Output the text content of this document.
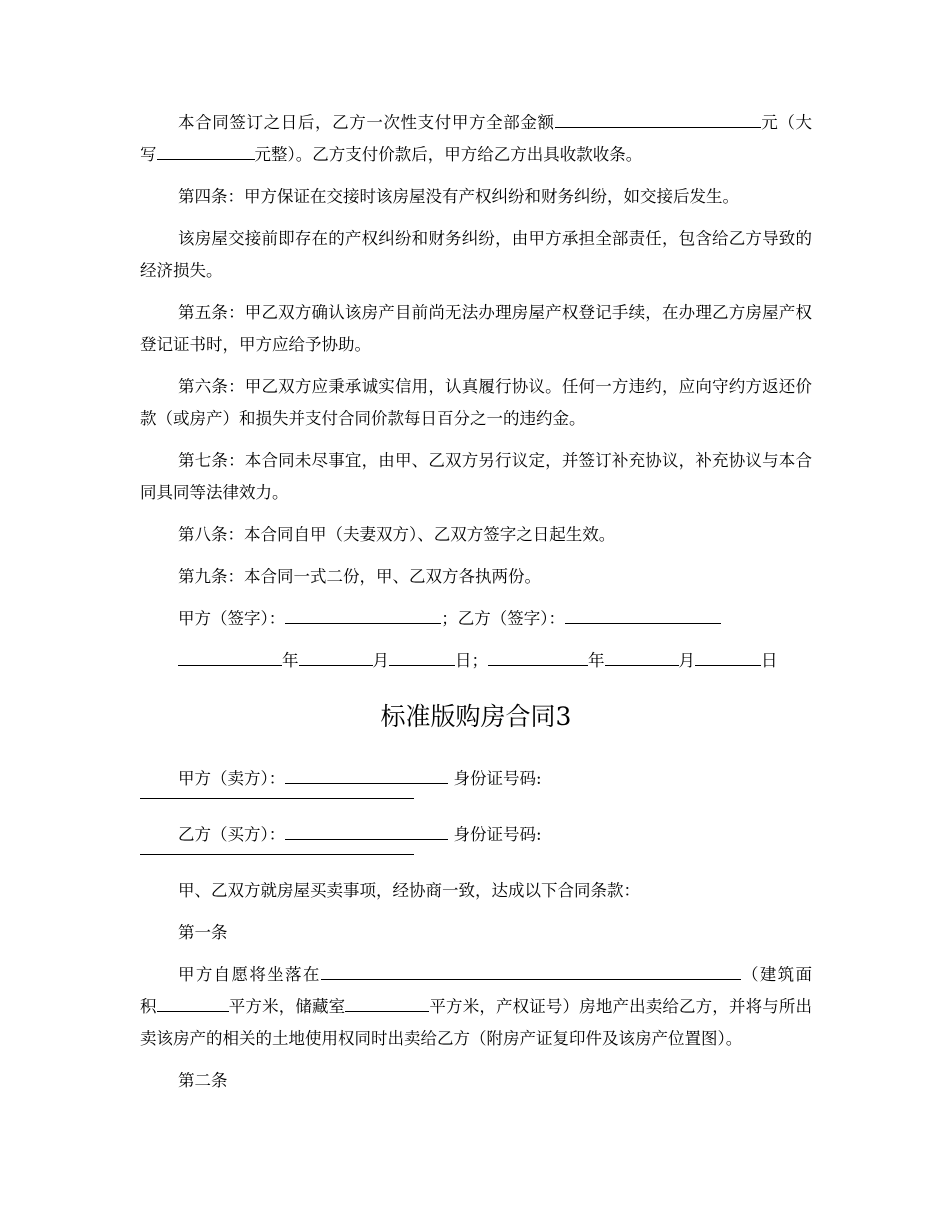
本合同签订之日后，乙方一次性支付甲方全部金额	元（大写	元整）。乙方支付价款后，甲方给乙方出具收款收条。

第四条：甲方保证在交接时该房屋没有产权纠纷和财务纠纷，如交接后发生。

该房屋交接前即存在的产权纠纷和财务纠纷，由甲方承担全部责任，包含给乙方导致的经济损失。

第五条：甲乙双方确认该房产目前尚无法办理房屋产权登记手续，在办理乙方房屋产权登记证书时，甲方应给予协助。

第六条：甲乙双方应秉承诚实信用，认真履行协议。任何一方违约，应向守约方返还价款（或房产）和损失并支付合同价款每日百分之一的违约金。

第七条：本合同未尽事宜，由甲、乙双方另行议定，并签订补充协议，补充协议与本合同具同等法律效力。

第八条：本合同自甲（夫妻双方）、乙双方签字之日起生效。

第九条：本合同一式二份，甲、乙双方各执两份。

甲方（签字）：	；乙方（签字）：

年	月	日；	年	月	日

标准版购房合同3

甲方（卖方）：	身份证号码:

乙方（买方）：	身份证号码:

甲、乙双方就房屋买卖事项，经协商一致，达成以下合同条款：

第一条

甲方自愿将坐落在	（建筑面积	平方米，储藏室	平方米，产权证号）房地产出卖给乙方，并将与所出卖该房产的相关的土地使用权同时出卖给乙方（附房产证复印件及该房产位置图）。

第二条
